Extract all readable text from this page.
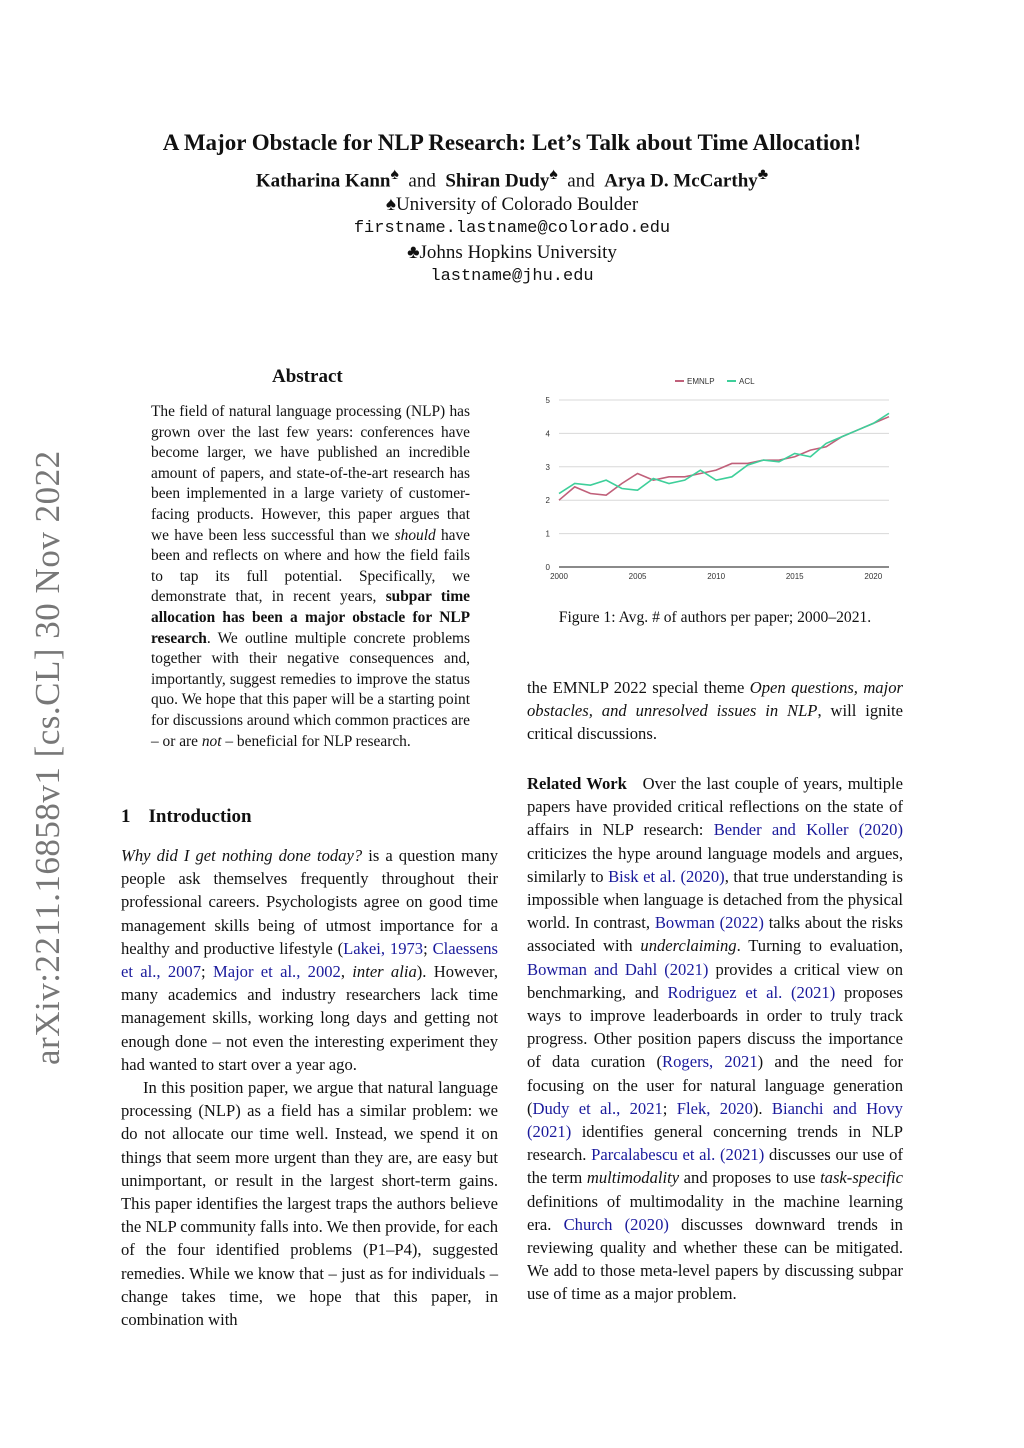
arXiv:2211.16858v1 [cs.CL] 30 Nov 2022
A Major Obstacle for NLP Research: Let’s Talk about Time Allocation!
Katharina Kann♠ and Shiran Dudy♠ and Arya D. McCarthy♣
♠University of Colorado Boulder
firstname.lastname@colorado.edu
♣Johns Hopkins University
lastname@jhu.edu
Abstract
The field of natural language processing (NLP) has grown over the last few years: conferences have become larger, we have published an incredible amount of papers, and state-of-the-art research has been implemented in a large variety of customer-facing products. However, this paper argues that we have been less successful than we should have been and reflects on where and how the field fails to tap its full potential. Specifically, we demonstrate that, in recent years, subpar time allocation has been a major obstacle for NLP research. We outline multiple concrete problems together with their negative consequences and, importantly, suggest remedies to improve the status quo. We hope that this paper will be a starting point for discussions around which common practices are – or are not – beneficial for NLP research.
1 Introduction

Why did I get nothing done today? is a question many people ask themselves frequently throughout their professional careers. Psychologists agree on good time management skills being of utmost importance for a healthy and productive lifestyle (Lakei, 1973; Claessens et al., 2007; Major et al., 2002, inter alia). However, many academics and industry researchers lack time management skills, working long days and getting not enough done – not even the interesting experiment they had wanted to start over a year ago.

In this position paper, we argue that natural language processing (NLP) as a field has a similar problem: we do not allocate our time well. Instead, we spend it on things that seem more urgent than they are, are easy but unimportant, or result in the largest short-term gains. This paper identifies the largest traps the authors believe the NLP community falls into. We then provide, for each of the four identified problems (P1–P4), suggested remedies. While we know that – just as for individuals – change takes time, we hope that this paper, in combination with

0
1
2
3
4
5
2000	2005	2010	2015	2020
EMNLP	ACL
Figure 1: Avg. # of authors per paper; 2000–2021.

the EMNLP 2022 special theme Open questions, major obstacles, and unresolved issues in NLP, will ignite critical discussions.

Related Work Over the last couple of years, multiple papers have provided critical reflections on the state of affairs in NLP research: Bender and Koller (2020) criticizes the hype around language models and argues, similarly to Bisk et al. (2020), that true understanding is impossible when language is detached from the physical world. In contrast, Bowman (2022) talks about the risks associated with underclaiming. Turning to evaluation, Bowman and Dahl (2021) provides a critical view on benchmarking, and Rodriguez et al. (2021) proposes ways to improve leaderboards in order to truly track progress. Other position papers discuss the importance of data curation (Rogers, 2021) and the need for focusing on the user for natural language generation (Dudy et al., 2021; Flek, 2020). Bianchi and Hovy (2021) identifies general concerning trends in NLP research. Parcalabescu et al. (2021) discusses our use of the term multimodality and proposes to use task-specific definitions of multimodality in the machine learning era. Church (2020) discusses downward trends in reviewing quality and whether these can be mitigated. We add to those meta-level papers by discussing subpar use of time as a major problem.
